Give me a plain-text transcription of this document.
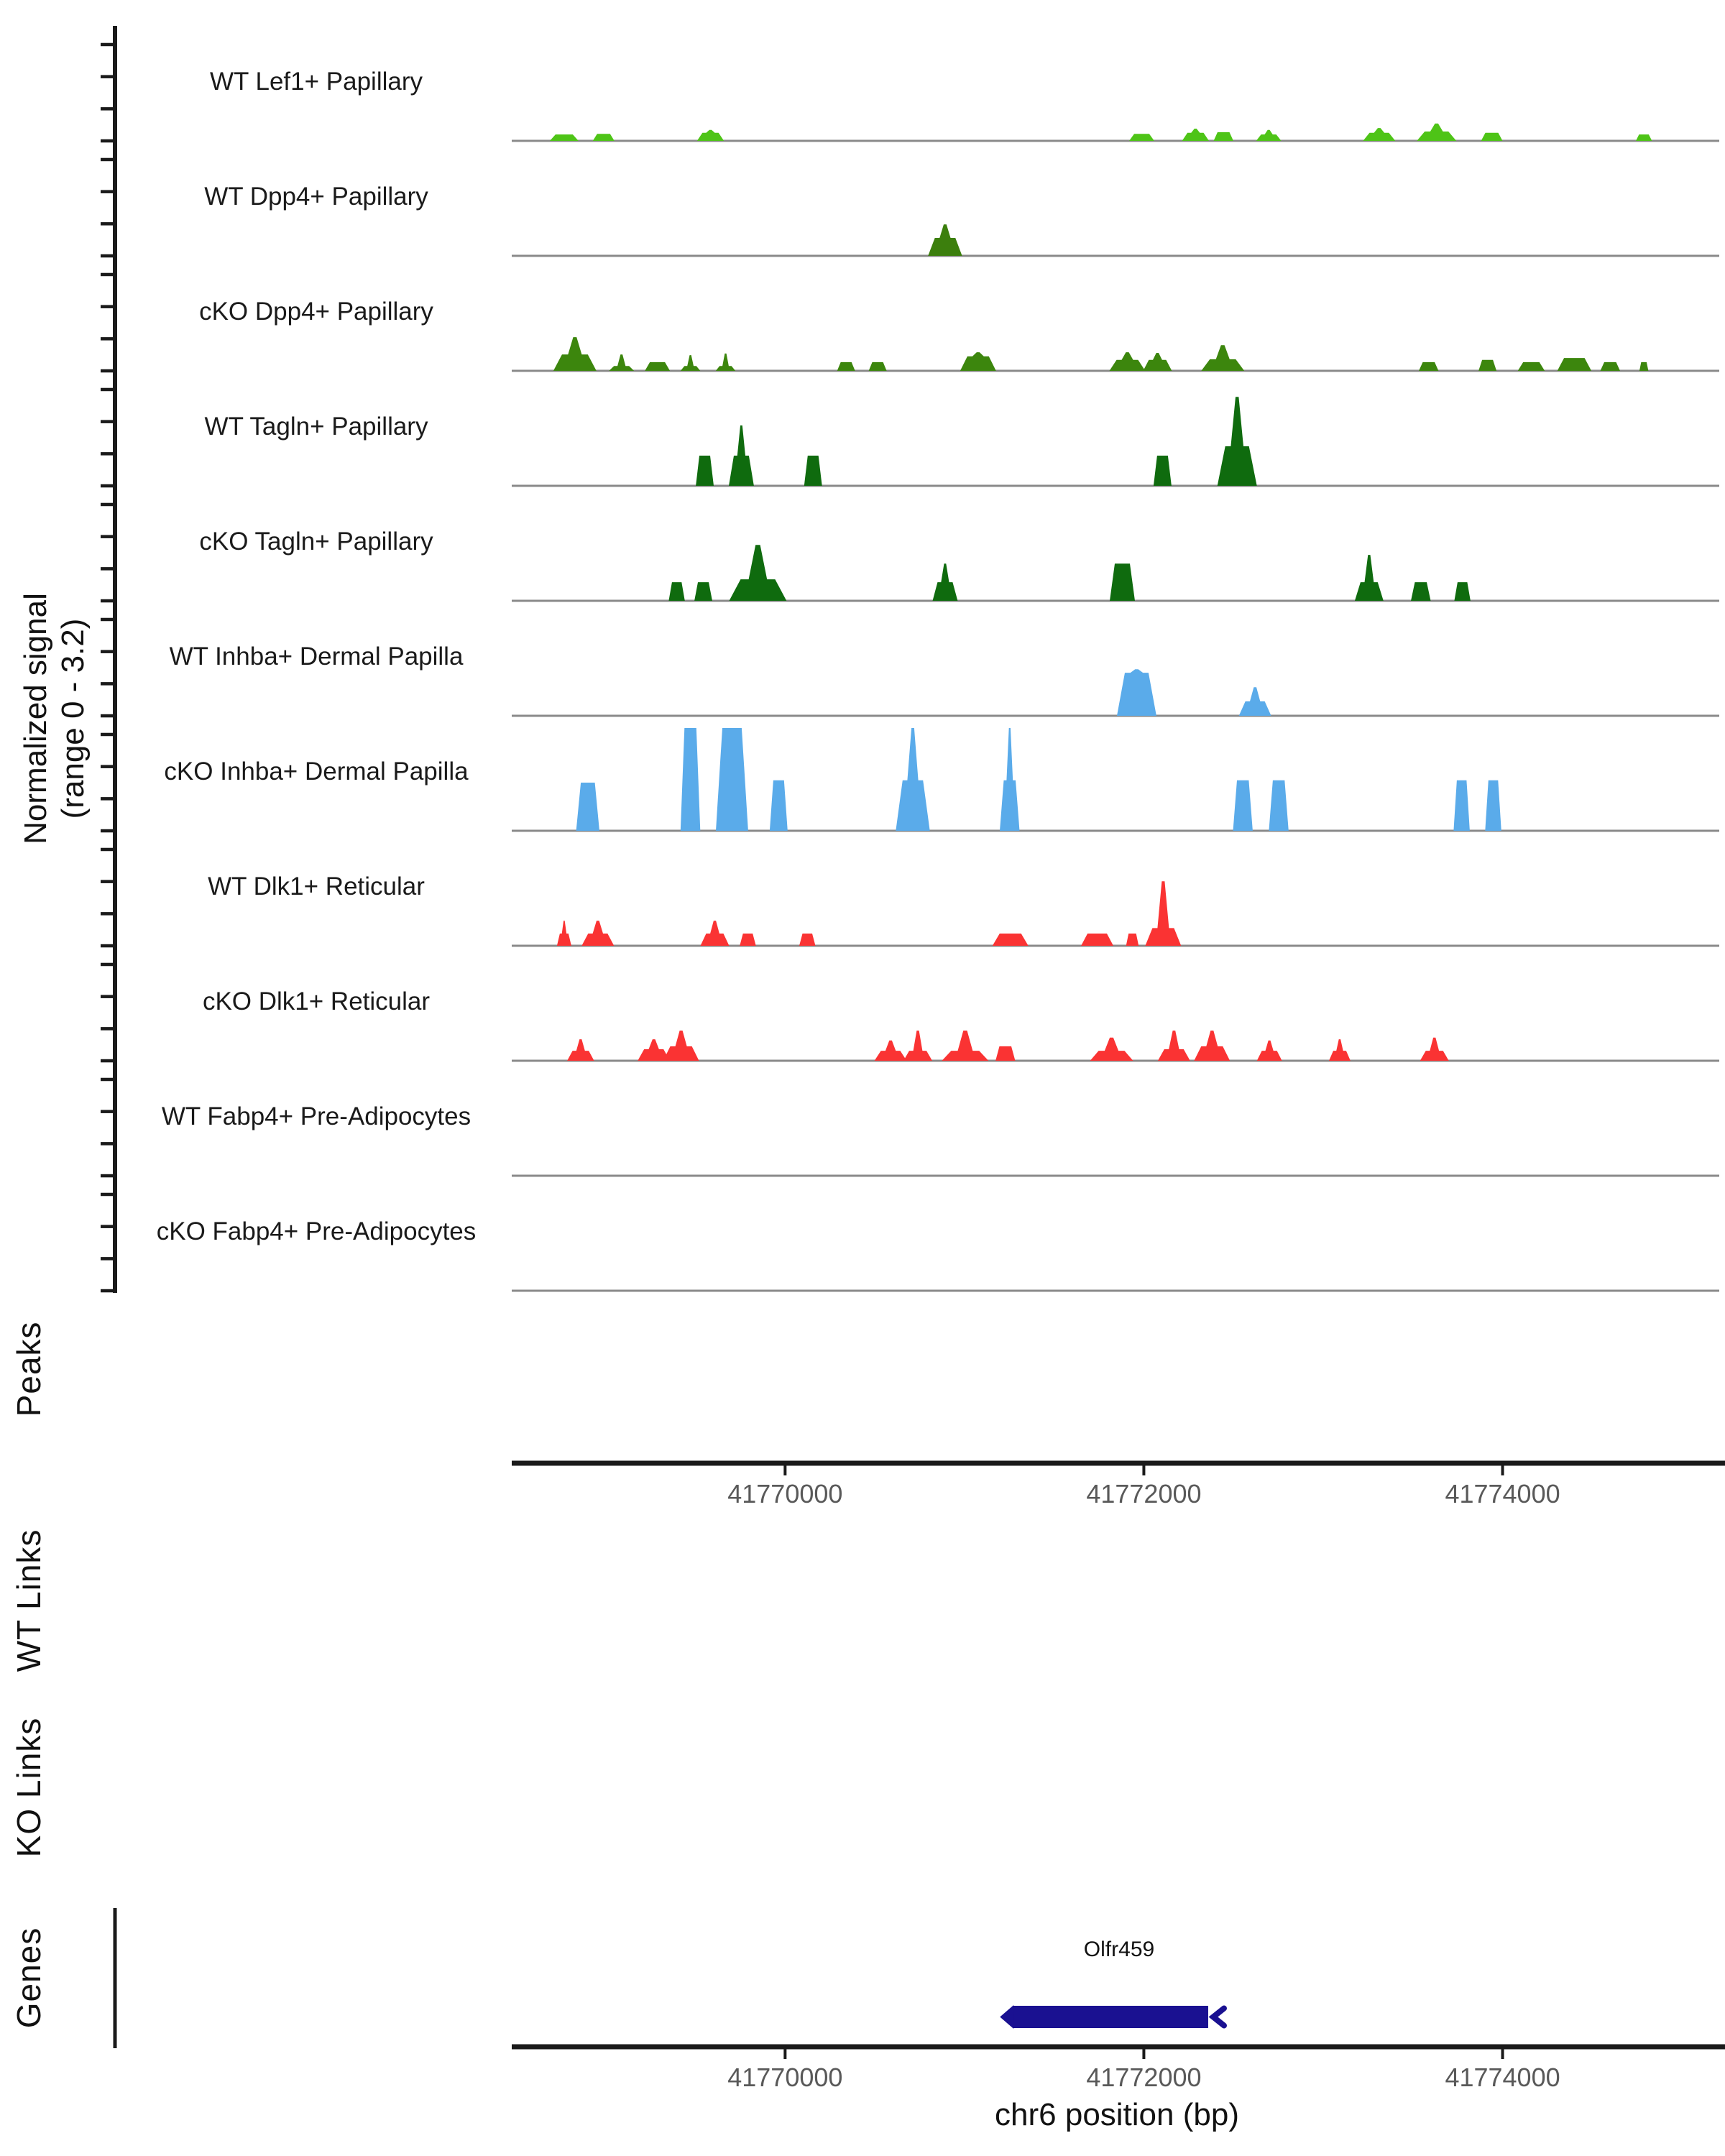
Normalized signal (range 0 - 3.2)
Peaks
WT Links
KO Links
Genes	Olfr459
chr6 position (bp)
WT Lef1+ Papillary
WT Dpp4+ Papillary
cKO Dpp4+ Papillary
WT Tagln+ Papillary
cKO Tagln+ Papillary
WT Inhba+ Dermal Papilla
cKO Inhba+ Dermal Papilla
WT Dlk1+ Reticular
cKO Dlk1+ Reticular
WT Fabp4+ Pre-Adipocytes
cKO Fabp4+ Pre-Adipocytes
41770000	41772000	41774000
41770000	41772000	41774000
